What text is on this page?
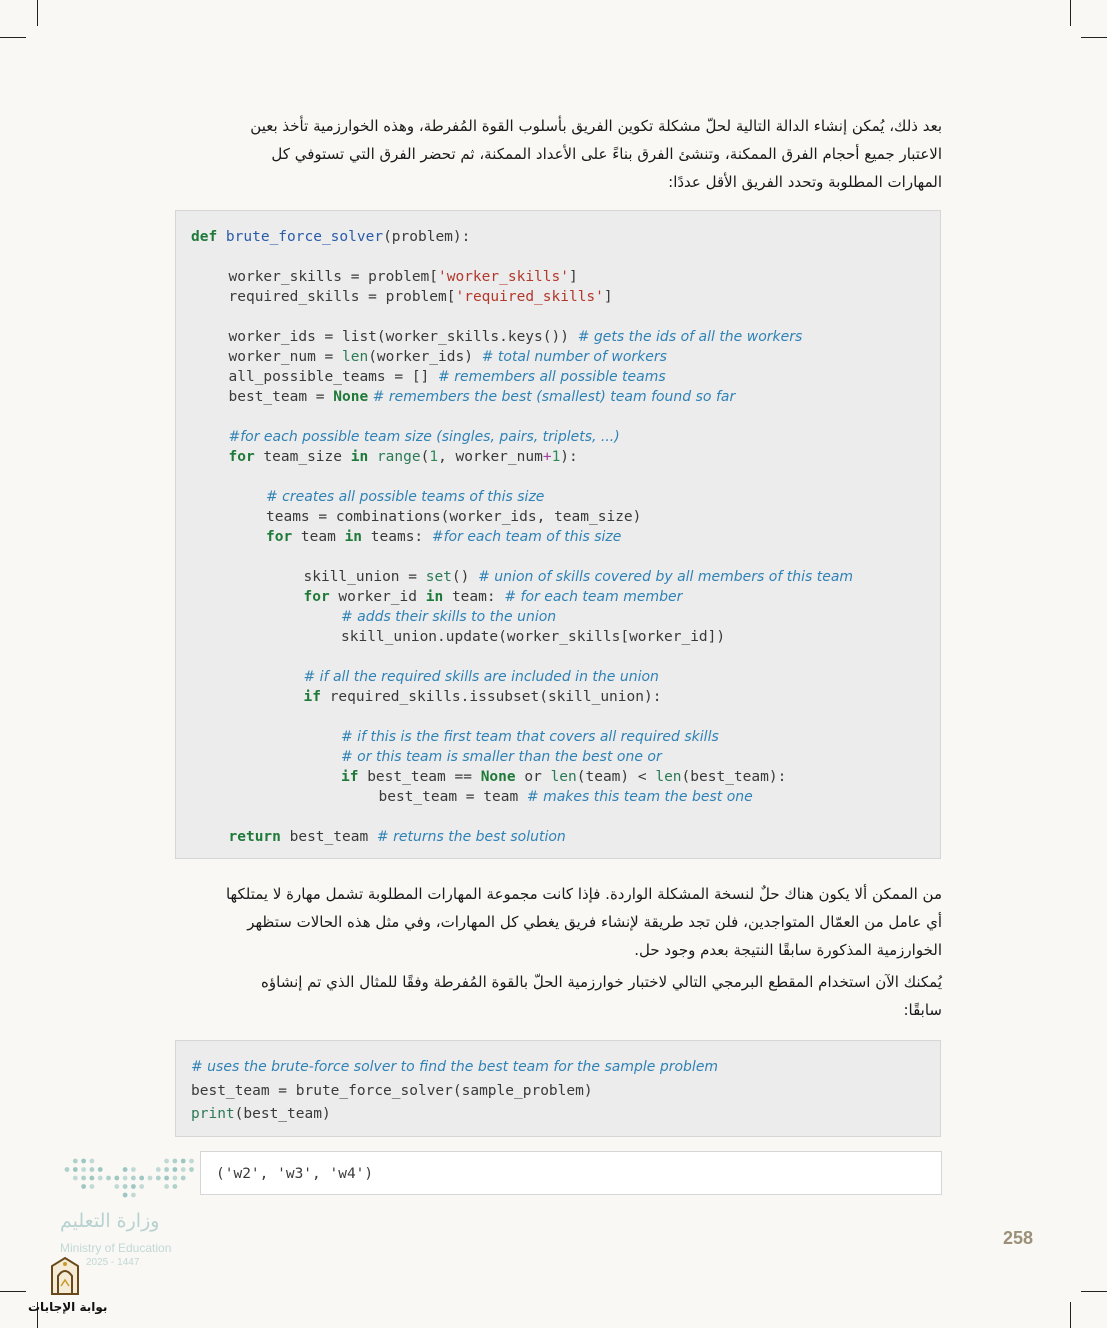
بعد ذلك، يُمكن إنشاء الدالة التالية لحلّ مشكلة تكوين الفريق بأسلوب القوة المُفرطة، وهذه الخوارزمية تأخذ بعين

الاعتبار جميع أحجام الفرق الممكنة، وتنشئ الفرق بناءً على الأعداد الممكنة، ثم تحضر الفرق التي تستوفي كل

المهارات المطلوبة وتحدد الفريق الأقل عددًا:

def brute_force_solver(problem):
worker_skills = problem['worker_skills']
required_skills = problem['required_skills']
worker_ids = list(worker_skills.keys()) # gets the ids of all the workers
worker_num = len(worker_ids) # total number of workers
all_possible_teams = [] # remembers all possible teams
best_team = None # remembers the best (smallest) team found so far
#for each possible team size (singles, pairs, triplets, ...)
for team_size in range(1, worker_num+1):
# creates all possible teams of this size
teams = combinations(worker_ids, team_size)
for team in teams: #for each team of this size
skill_union = set() # union of skills covered by all members of this team
for worker_id in team: # for each team member
# adds their skills to the union
skill_union.update(worker_skills[worker_id])
# if all the required skills are included in the union
if required_skills.issubset(skill_union):
# if this is the first team that covers all required skills
# or this team is smaller than the best one or
if best_team == None or len(team) < len(best_team):
best_team = team # makes this team the best one
return best_team # returns the best solution

من الممكن ألا يكون هناك حلٌ لنسخة المشكلة الواردة. فإذا كانت مجموعة المهارات المطلوبة تشمل مهارة لا يمتلكها

أي عامل من العمّال المتواجدين، فلن تجد طريقة لإنشاء فريق يغطي كل المهارات، وفي مثل هذه الحالات ستظهر

الخوارزمية المذكورة سابقًا النتيجة بعدم وجود حل.

يُمكنك الآن استخدام المقطع البرمجي التالي لاختبار خوارزمية الحلّ بالقوة المُفرطة وفقًا للمثال الذي تم إنشاؤه

سابقًا:

# uses the brute-force solver to find the best team for the sample problem
best_team = brute_force_solver(sample_problem)
print(best_team)
('w2', 'w3', 'w4')
258
وزارة التعليم
Ministry of Education
2025 - 1447
بوابة الإجابات
